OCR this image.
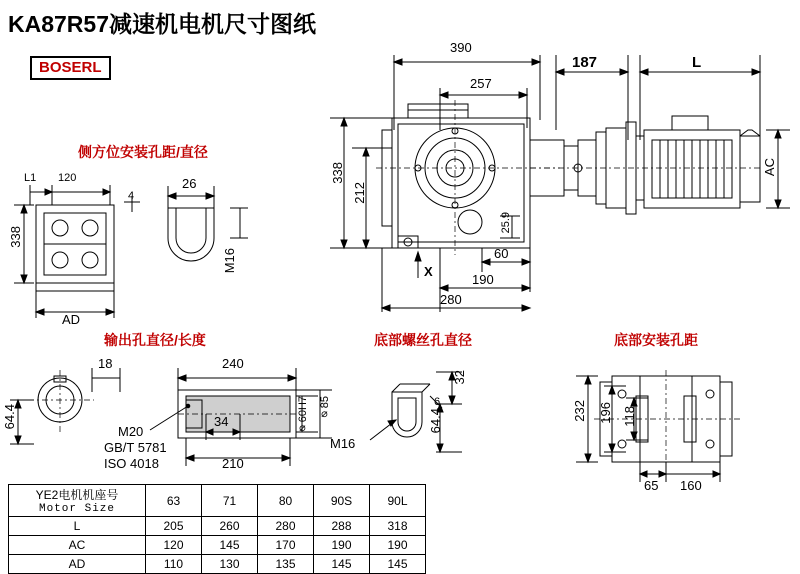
KA87R57减速机电机尺寸图纸
BOSERL
侧方位安装孔距/直径
输出孔直径/长度	底部螺丝孔直径	底部安装孔距
390
257
187	L
338
212
25.9
AC
X
60
190
280
L1 120	26
4
338
AD
M16
18	240
64.4
M20
GB/T 5781
ISO 4018
34
210
⌀60H7 ⌀85
32
6
64.4
M16
232 196 118
65 160
YE2电机机座号
Motor Size	63	71	80	90S	90L
L	205	260	280	288	318
AC	120	145	170	190	190
AD	110	130	135	145	145
